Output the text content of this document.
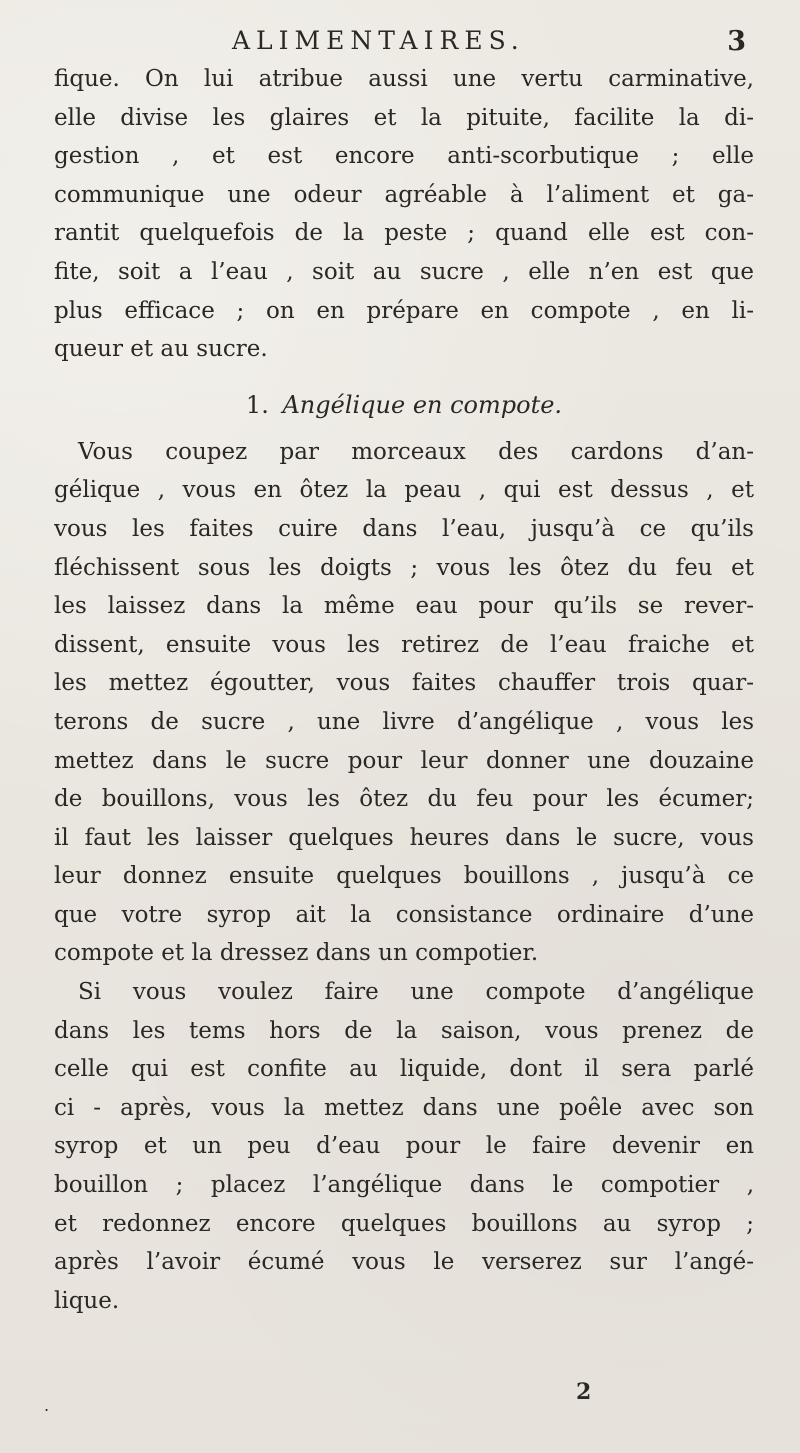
ALIMENTAIRES.	3
fique. On lui atribue aussi une vertu carminative,
elle divise les glaires et la pituite, facilite la di-
gestion , et est encore anti-scorbutique ; elle
communique une odeur agréable à l’aliment et ga-
rantit quelquefois de la peste ; quand elle est con-
fite, soit a l’eau , soit au sucre , elle n’en est que
plus efficace ; on en prépare en compote , en li-
queur et au sucre.
1. Angélique en compote.
Vous coupez par morceaux des cardons d’an-
gélique , vous en ôtez la peau , qui est dessus , et
vous les faites cuire dans l’eau, jusqu’à ce qu’ils
fléchissent sous les doigts ; vous les ôtez du feu et
les laissez dans la même eau pour qu’ils se rever-
dissent, ensuite vous les retirez de l’eau fraiche et
les mettez égoutter, vous faites chauffer trois quar-
terons de sucre , une livre d’angélique , vous les
mettez dans le sucre pour leur donner une douzaine
de bouillons, vous les ôtez du feu pour les écumer;
il faut les laisser quelques heures dans le sucre, vous
leur donnez ensuite quelques bouillons , jusqu’à ce
que votre syrop ait la consistance ordinaire d’une
compote et la dressez dans un compotier.
Si vous voulez faire une compote d’angélique
dans les tems hors de la saison, vous prenez de
celle qui est confite au liquide, dont il sera parlé
ci - après, vous la mettez dans une poêle avec son
syrop et un peu d’eau pour le faire devenir en
bouillon ; placez l’angélique dans le compotier ,
et redonnez encore quelques bouillons au syrop ;
après l’avoir écumé vous le verserez sur l’angé-
lique.
.
2
